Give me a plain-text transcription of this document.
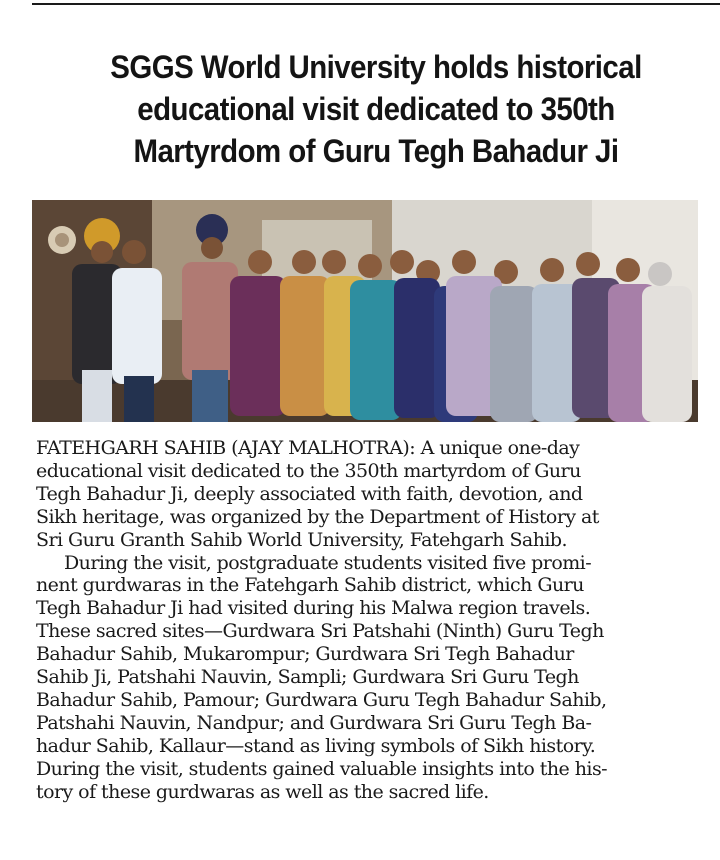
SGGS World University holds historical
educational visit dedicated to 350th
Martyrdom of Guru Tegh Bahadur Ji
FATEHGARH SAHIB (AJAY MALHOTRA): A unique one-day
educational visit dedicated to the 350th martyrdom of Guru
Tegh Bahadur Ji, deeply associated with faith, devotion, and
Sikh heritage, was organized by the Department of History at
Sri Guru Granth Sahib World University, Fatehgarh Sahib.
During the visit, postgraduate students visited five promi-
nent gurdwaras in the Fatehgarh Sahib district, which Guru
Tegh Bahadur Ji had visited during his Malwa region travels.
These sacred sites—Gurdwara Sri Patshahi (Ninth) Guru Tegh
Bahadur Sahib, Mukarompur; Gurdwara Sri Tegh Bahadur
Sahib Ji, Patshahi Nauvin, Sampli; Gurdwara Sri Guru Tegh
Bahadur Sahib, Pamour; Gurdwara Guru Tegh Bahadur Sahib,
Patshahi Nauvin, Nandpur; and Gurdwara Sri Guru Tegh Ba-
hadur Sahib, Kallaur—stand as living symbols of Sikh history.
During the visit, students gained valuable insights into the his-
tory of these gurdwaras as well as the sacred life.
